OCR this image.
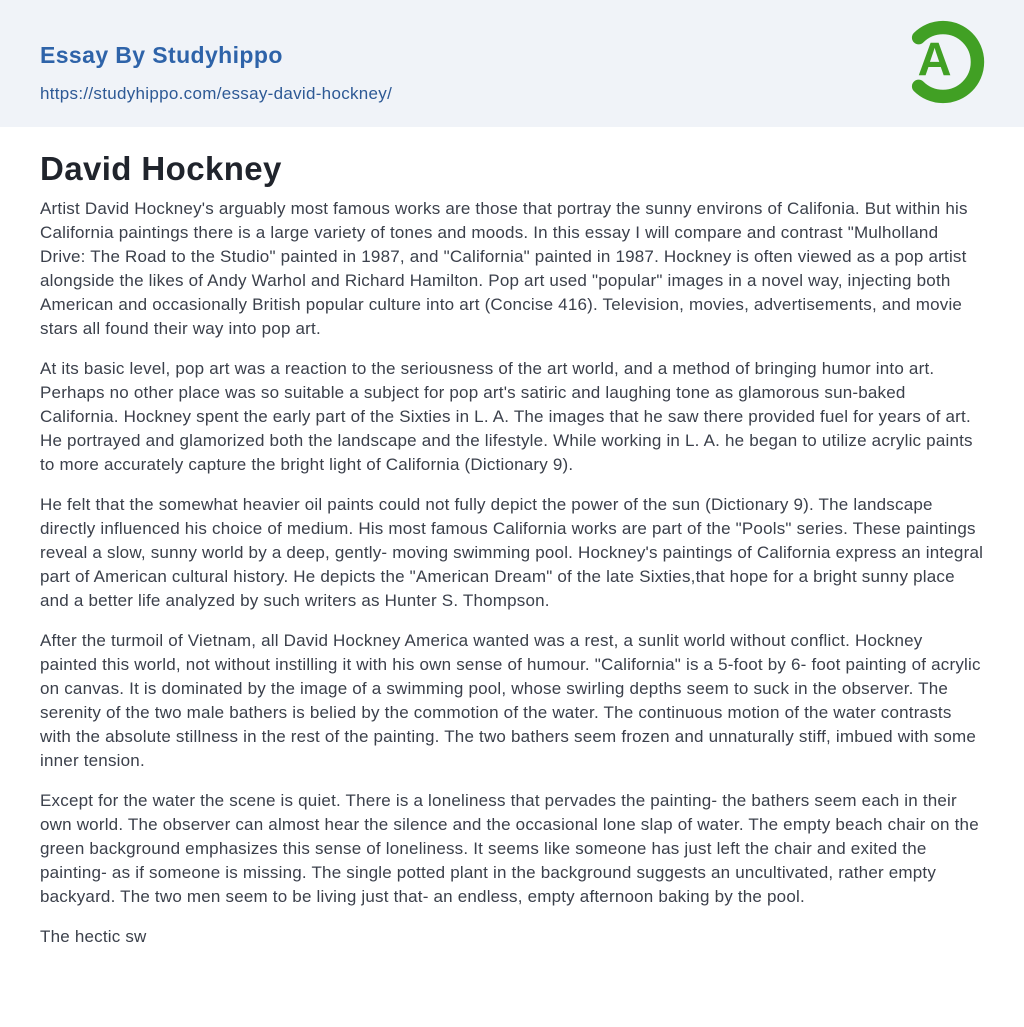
Essay By Studyhippo
https://studyhippo.com/essay-david-hockney/
A
David Hockney

Artist David Hockney's arguably most famous works are those that portray the sunny environs of Califonia. But within his California paintings there is a large variety of tones and moods. In this essay I will compare and contrast "Mulholland Drive: The Road to the Studio" painted in 1987, and "California" painted in 1987. Hockney is often viewed as a pop artist alongside the likes of Andy Warhol and Richard Hamilton. Pop art used "popular" images in a novel way, injecting both American and occasionally British popular culture into art (Concise 416). Television, movies, advertisements, and movie stars all found their way into pop art.

At its basic level, pop art was a reaction to the seriousness of the art world, and a method of bringing humor into art. Perhaps no other place was so suitable a subject for pop art's satiric and laughing tone as glamorous sun-baked California. Hockney spent the early part of the Sixties in L. A. The images that he saw there provided fuel for years of art. He portrayed and glamorized both the landscape and the lifestyle. While working in L. A. he began to utilize acrylic paints to more accurately capture the bright light of California (Dictionary 9).

He felt that the somewhat heavier oil paints could not fully depict the power of the sun (Dictionary 9). The landscape directly influenced his choice of medium. His most famous California works are part of the "Pools" series. These paintings reveal a slow, sunny world by a deep, gently- moving swimming pool. Hockney's paintings of California express an integral part of American cultural history. He depicts the "American Dream" of the late Sixties,that hope for a bright sunny place and a better life analyzed by such writers as Hunter S. Thompson.

After the turmoil of Vietnam, all David Hockney America wanted was a rest, a sunlit world without conflict. Hockney painted this world, not without instilling it with his own sense of humour. "California" is a 5-foot by 6- foot painting of acrylic on canvas. It is dominated by the image of a swimming pool, whose swirling depths seem to suck in the observer. The serenity of the two male bathers is belied by the commotion of the water. The continuous motion of the water contrasts with the absolute stillness in the rest of the painting. The two bathers seem frozen and unnaturally stiff, imbued with some inner tension.

Except for the water the scene is quiet. There is a loneliness that pervades the painting- the bathers seem each in their own world. The observer can almost hear the silence and the occasional lone slap of water. The empty beach chair on the green background emphasizes this sense of loneliness. It seems like someone has just left the chair and exited the painting- as if someone is missing. The single potted plant in the background suggests an uncultivated, rather empty backyard. The two men seem to be living just that- an endless, empty afternoon baking by the pool.

The hectic sw
